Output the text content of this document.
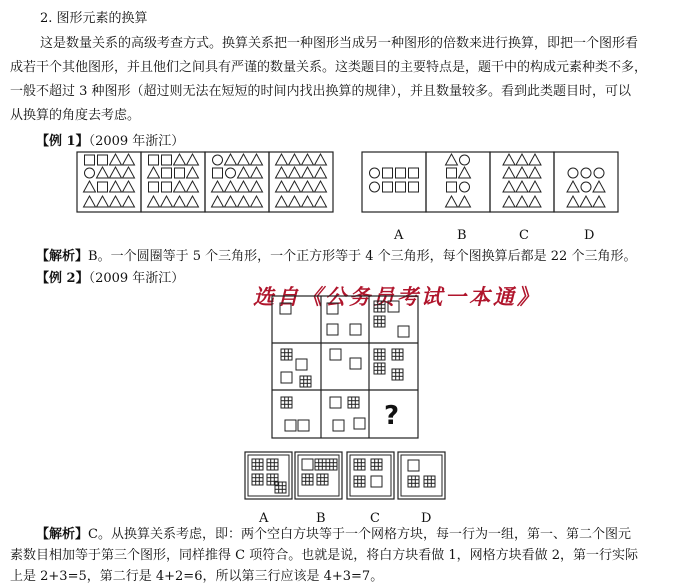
2. 图形元素的换算
这是数量关系的高级考查方式。换算关系把一种图形当成另一种图形的倍数来进行换算，即把一个图形看
成若干个其他图形，并且他们之间具有严谨的数量关系。这类题目的主要特点是，题干中的构成元素种类不多，
一般不超过 3 种图形（超过则无法在短短的时间内找出换算的规律），并且数量较多。看到此类题目时，可以
从换算的角度去考虑。
【例 1】（2009 年浙江）
A	B	C	D
【解析】B。一个圆圈等于 5 个三角形，一个正方形等于 4 个三角形，每个图换算后都是 22 个三角形。
【例 2】（2009 年浙江）
选自《公务员考试一本通》
?
A	B	C	D
【解析】C。从换算关系考虑，即：两个空白方块等于一个网格方块，每一行为一组，第一、第二个图元
素数目相加等于第三个图形，同样推得 C 项符合。也就是说，将白方块看做 1，网格方块看做 2，第一行实际
上是 2+3=5，第二行是 4+2=6，所以第三行应该是 4+3=7。
